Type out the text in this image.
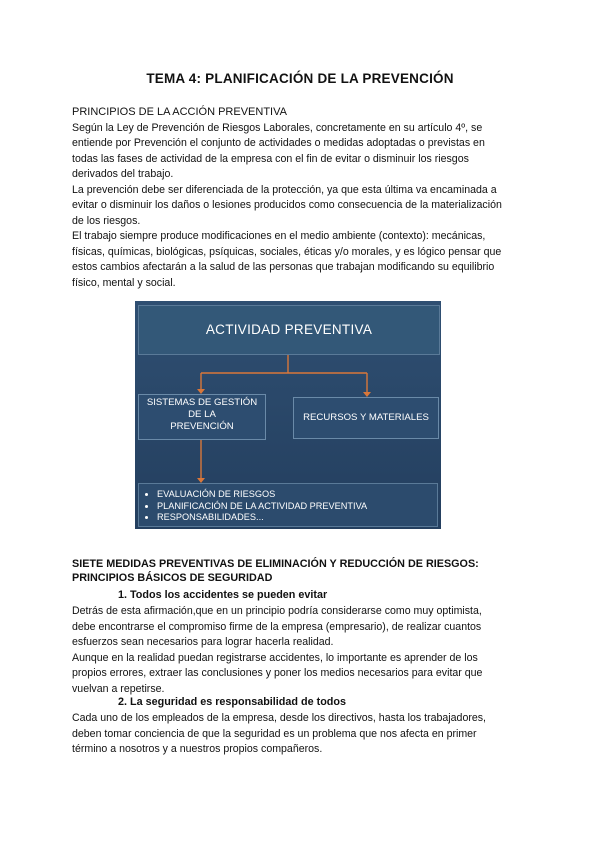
TEMA 4: PLANIFICACIÓN DE LA PREVENCIÓN

PRINCIPIOS DE LA ACCIÓN PREVENTIVA

Según la Ley de Prevención de Riesgos Laborales, concretamente en su artículo 4º, se

entiende por Prevención el conjunto de actividades o medidas adoptadas o previstas en

todas las fases de actividad de la empresa con el fin de evitar o disminuir los riesgos

derivados del trabajo.

La prevención debe ser diferenciada de la protección, ya que esta última va encaminada a

evitar o disminuir los daños o lesiones producidos como consecuencia de la materialización

de los riesgos.

El trabajo siempre produce modificaciones en el medio ambiente (contexto): mecánicas,

físicas, químicas, biológicas, psíquicas, sociales, éticas y/o morales, y es lógico pensar que

estos cambios afectarán a la salud de las personas que trabajan modificando su equilibrio

físico, mental y social.

ACTIVIDAD PREVENTIVA
SISTEMAS DE GESTIÓN
DE LA
PREVENCIÓN
RECURSOS Y MATERIALES
• EVALUACIÓN DE RIESGOS
• PLANIFICACIÓN DE LA ACTIVIDAD PREVENTIVA
• RESPONSABILIDADES...
SIETE MEDIDAS PREVENTIVAS DE ELIMINACIÓN Y REDUCCIÓN DE RIESGOS:
PRINCIPIOS BÁSICOS DE SEGURIDAD
1. Todos los accidentes se pueden evitar

Detrás de esta afirmación,que en un principio podría considerarse como muy optimista,

debe encontrarse el compromiso firme de la empresa (empresario), de realizar cuantos

esfuerzos sean necesarios para lograr hacerla realidad.

Aunque en la realidad puedan registrarse accidentes, lo importante es aprender de los

propios errores, extraer las conclusiones y poner los medios necesarios para evitar que

vuelvan a repetirse.

2. La seguridad es responsabilidad de todos

Cada uno de los empleados de la empresa, desde los directivos, hasta los trabajadores,

deben tomar conciencia de que la seguridad es un problema que nos afecta en primer

término a nosotros y a nuestros propios compañeros.
